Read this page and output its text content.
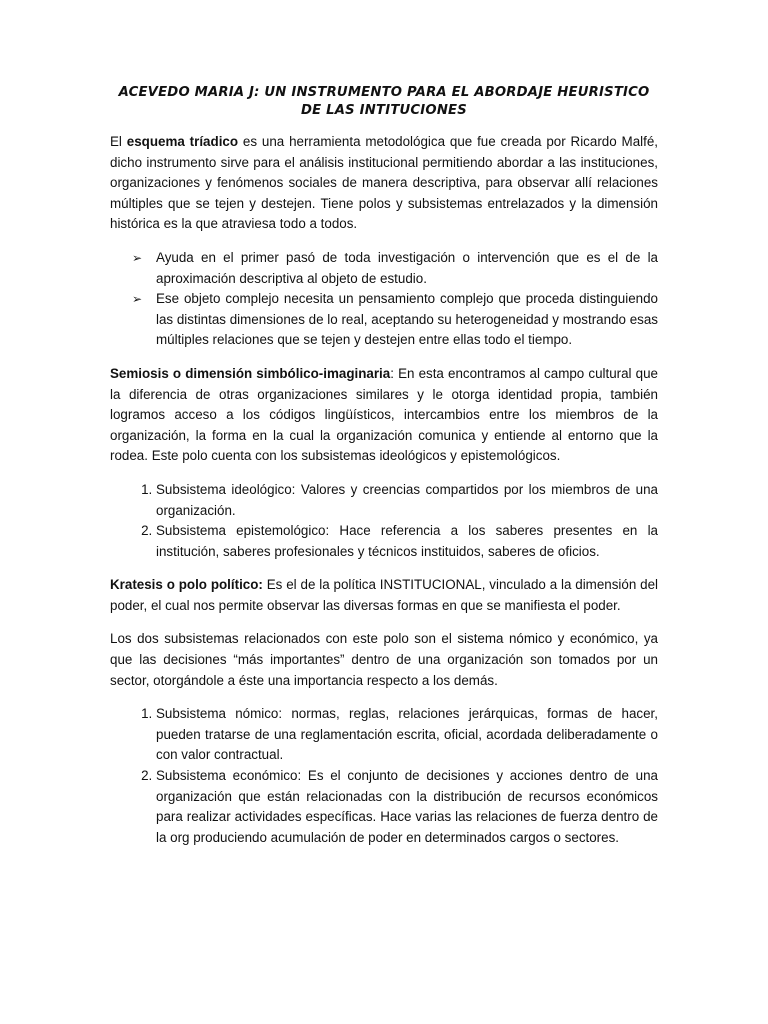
ACEVEDO MARIA J: UN INSTRUMENTO PARA EL ABORDAJE HEURISTICO DE LAS INTITUCIONES

El esquema tríadico es una herramienta metodológica que fue creada por Ricardo Malfé, dicho instrumento sirve para el análisis institucional permitiendo abordar a las instituciones, organizaciones y fenómenos sociales de manera descriptiva, para observar allí relaciones múltiples que se tejen y destejen. Tiene polos y subsistemas entrelazados y la dimensión histórica es la que atraviesa todo a todos.

➢ Ayuda en el primer pasó de toda investigación o intervención que es el de la aproximación descriptiva al objeto de estudio.
➢ Ese objeto complejo necesita un pensamiento complejo que proceda distinguiendo las distintas dimensiones de lo real, aceptando su heterogeneidad y mostrando esas múltiples relaciones que se tejen y destejen entre ellas todo el tiempo.

Semiosis o dimensión simbólico-imaginaria: En esta encontramos al campo cultural que la diferencia de otras organizaciones similares y le otorga identidad propia, también logramos acceso a los códigos lingüísticos, intercambios entre los miembros de la organización, la forma en la cual la organización comunica y entiende al entorno que la rodea. Este polo cuenta con los subsistemas ideológicos y epistemológicos.

1. Subsistema ideológico: Valores y creencias compartidos por los miembros de una organización.
2. Subsistema epistemológico: Hace referencia a los saberes presentes en la institución, saberes profesionales y técnicos instituidos, saberes de oficios.

Kratesis o polo político: Es el de la política INSTITUCIONAL, vinculado a la dimensión del poder, el cual nos permite observar las diversas formas en que se manifiesta el poder.

Los dos subsistemas relacionados con este polo son el sistema nómico y económico, ya que las decisiones “más importantes” dentro de una organización son tomados por un sector, otorgándole a éste una importancia respecto a los demás.

1. Subsistema nómico: normas, reglas, relaciones jerárquicas, formas de hacer, pueden tratarse de una reglamentación escrita, oficial, acordada deliberadamente o con valor contractual.
2. Subsistema económico: Es el conjunto de decisiones y acciones dentro de una organización que están relacionadas con la distribución de recursos económicos para realizar actividades específicas. Hace varias las relaciones de fuerza dentro de la org produciendo acumulación de poder en determinados cargos o sectores.
